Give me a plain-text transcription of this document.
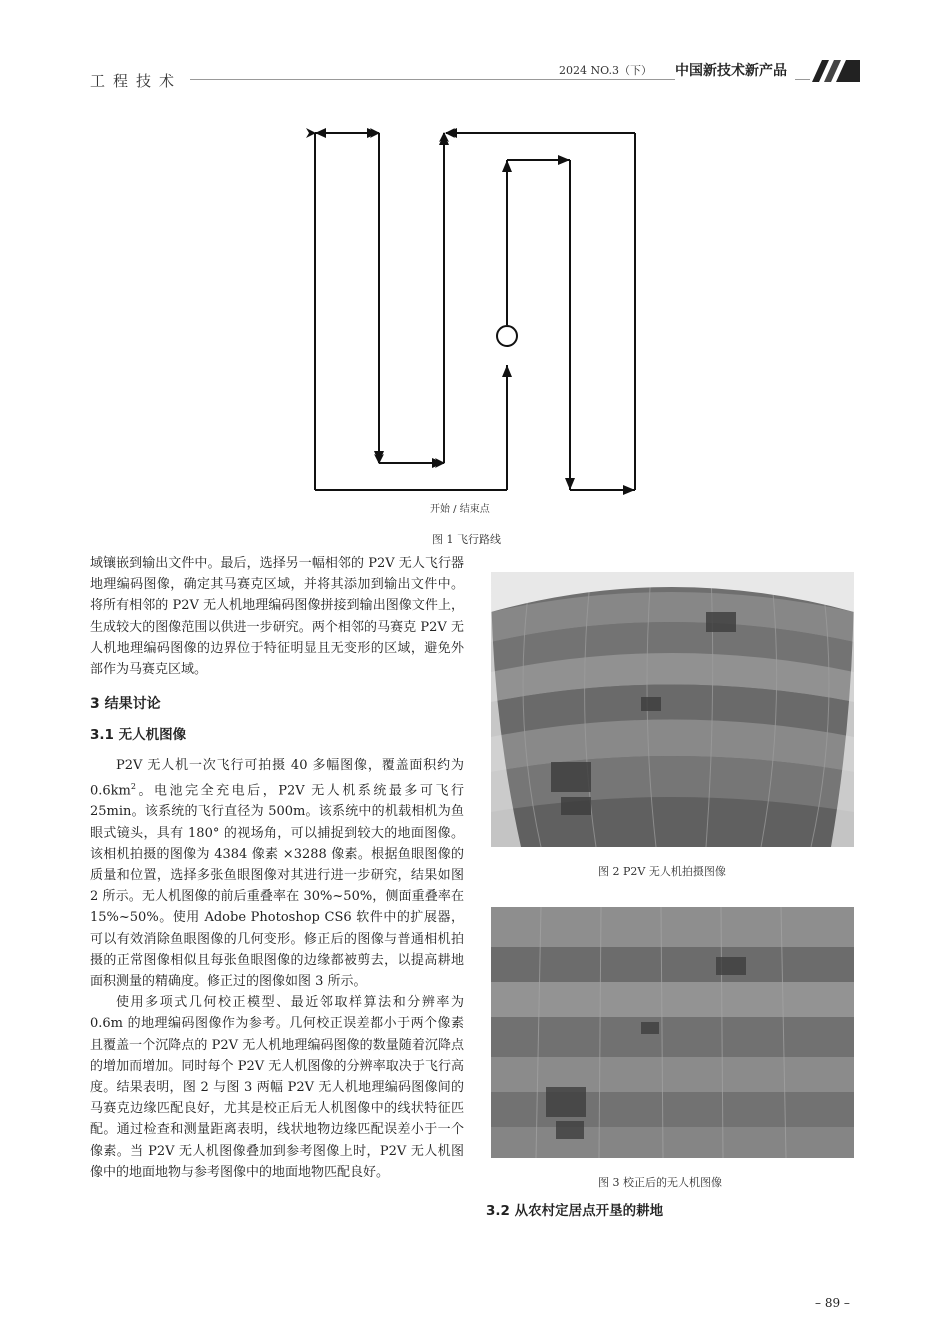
工程技术
2024 NO.3（下）	中国新技术新产品
开始 / 结束点
图 1 飞行路线
图 2 P2V 无人机拍摄图像
图 3 校正后的无人机图像

域镶嵌到输出文件中。最后，选择另一幅相邻的 P2V 无人飞行器地理编码图像，确定其马赛克区域，并将其添加到输出文件中。将所有相邻的 P2V 无人机地理编码图像拼接到输出图像文件上，生成较大的图像范围以供进一步研究。两个相邻的马赛克 P2V 无人机地理编码图像的边界位于特征明显且无变形的区域，避免外部作为马赛克区域。

3 结果讨论

3.1 无人机图像

P2V 无人机一次飞行可拍摄 40 多幅图像，覆盖面积约为 $0.6km^2$。电池完全充电后，P2V 无人机系统最多可飞行 25min。该系统的飞行直径为 500m。该系统中的机载相机为鱼眼式镜头，具有 180° 的视场角，可以捕捉到较大的地面图像。该相机拍摄的图像为 4384 像素 ×3288 像素。根据鱼眼图像的质量和位置，选择多张鱼眼图像对其进行进一步研究，结果如图 2 所示。无人机图像的前后重叠率在 30%~50%，侧面重叠率在 15%~50%。使用 Adobe Photoshop CS6 软件中的扩展器，可以有效消除鱼眼图像的几何变形。修正后的图像与普通相机拍摄的正常图像相似且每张鱼眼图像的边缘都被剪去，以提高耕地面积测量的精确度。修正过的图像如图 3 所示。

使用多项式几何校正模型、最近邻取样算法和分辨率为 0.6m 的地理编码图像作为参考。几何校正误差都小于两个像素且覆盖一个沉降点的 P2V 无人机地理编码图像的数量随着沉降点的增加而增加。同时每个 P2V 无人机图像的分辨率取决于飞行高度。结果表明，图 2 与图 3 两幅 P2V 无人机地理编码图像间的马赛克边缘匹配良好，尤其是校正后无人机图像中的线状特征匹配。通过检查和测量距离表明，线状地物边缘匹配误差小于一个像素。当 P2V 无人机图像叠加到参考图像上时，P2V 无人机图像中的地面地物与参考图像中的地面地物匹配良好。

3.2 从农村定居点开垦的耕地
– 89 –
